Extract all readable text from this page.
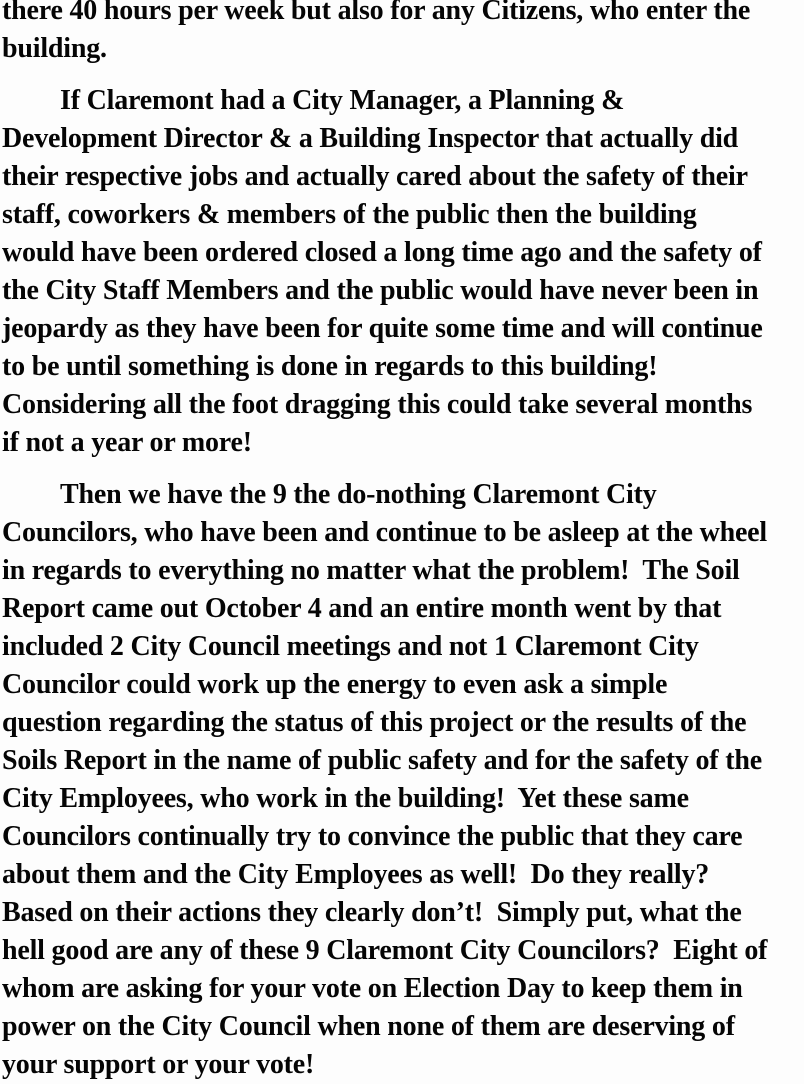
there 40 hours per week but also for any Citizens, who enter the
building.
If Claremont had a City Manager, a Planning &
Development Director & a Building Inspector that actually did
their respective jobs and actually cared about the safety of their
staff, coworkers & members of the public then the building
would have been ordered closed a long time ago and the safety of
the City Staff Members and the public would have never been in
jeopardy as they have been for quite some time and will continue
to be until something is done in regards to this building!
Considering all the foot dragging this could take several months
if not a year or more!
Then we have the 9 the do-nothing Claremont City
Councilors, who have been and continue to be asleep at the wheel
in regards to everything no matter what the problem!  The Soil
Report came out October 4 and an entire month went by that
included 2 City Council meetings and not 1 Claremont City
Councilor could work up the energy to even ask a simple
question regarding the status of this project or the results of the
Soils Report in the name of public safety and for the safety of the
City Employees, who work in the building!  Yet these same
Councilors continually try to convince the public that they care
about them and the City Employees as well!  Do they really?
Based on their actions they clearly don’t!  Simply put, what the
hell good are any of these 9 Claremont City Councilors?  Eight of
whom are asking for your vote on Election Day to keep them in
power on the City Council when none of them are deserving of
your support or your vote!
